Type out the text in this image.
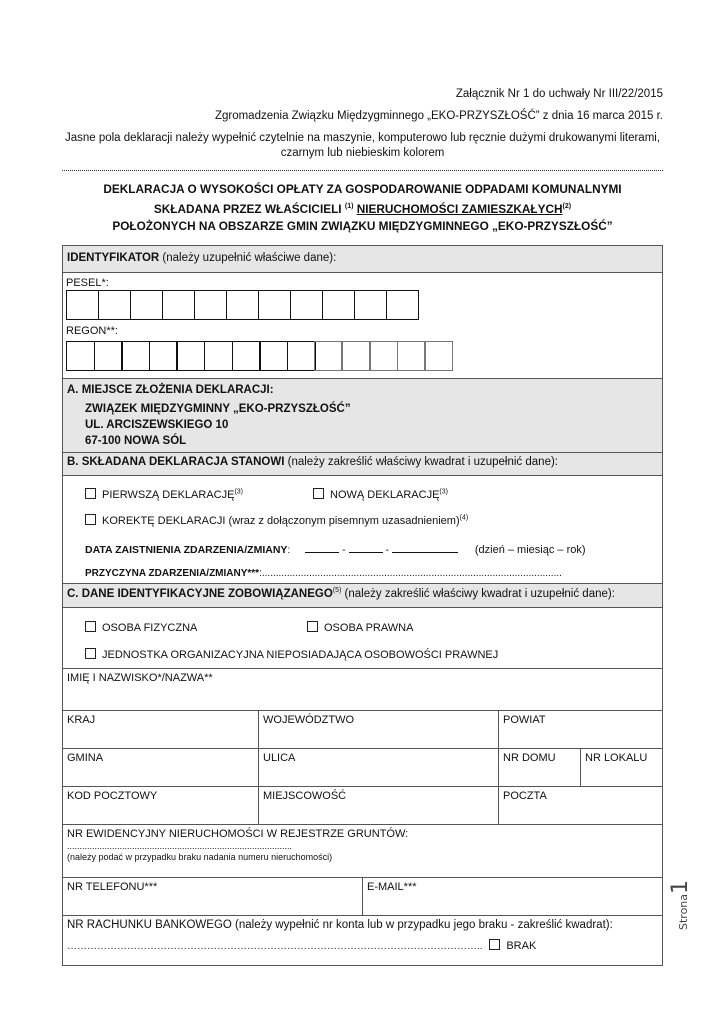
Załącznik Nr 1 do uchwały Nr III/22/2015
Zgromadzenia Związku Międzygminnego „EKO-PRZYSZŁOŚĆ” z dnia 16 marca 2015 r.
Jasne pola deklaracji należy wypełnić czytelnie na maszynie, komputerowo lub ręcznie dużymi drukowanymi literami, czarnym lub niebieskim kolorem
DEKLARACJA O WYSOKOŚCI OPŁATY ZA GOSPODAROWANIE ODPADAMI KOMUNALNYMI
SKŁADANA PRZEZ WŁAŚCICIELI $^{(1)}$ NIERUCHOMOŚCI ZAMIESZKAŁYCH$^{(2)}$
POŁOŻONYCH NA OBSZARZE GMIN ZWIĄZKU MIĘDZYGMINNEGO „EKO-PRZYSZŁOŚĆ”
IDENTYFIKATOR (należy uzupełnić właściwe dane):
PESEL*:
REGON**:
A. MIEJSCE ZŁOŻENIA DEKLARACJI:
ZWIĄZEK MIĘDZYGMINNY „EKO-PRZYSZŁOŚĆ”
UL. ARCISZEWSKIEGO 10
67-100 NOWA SÓL
B. SKŁADANA DEKLARACJA STANOWI (należy zakreślić właściwy kwadrat i uzupełnić dane):
PIERWSZĄ DEKLARACJĘ$^{(3)}$	NOWĄ DEKLARACJĘ$^{(3)}$
KOREKTĘ DEKLARACJI (wraz z dołączonym pisemnym uzasadnieniem)$^{(4)}$
DATA ZAISTNIENIA ZDARZENIA/ZMIANY:	-	-	(dzień – miesiąc – rok)
PRZYCZYNA ZDARZENIA/ZMIANY***:............................................................................................................
C. DANE IDENTYFIKACYJNE ZOBOWIĄZANEGO$^{(5)}$ (należy zakreślić właściwy kwadrat i uzupełnić dane):
OSOBA FIZYCZNA	OSOBA PRAWNA
JEDNOSTKA ORGANIZACYJNA NIEPOSIADAJĄCA OSOBOWOŚCI PRAWNEJ
IMIĘ I NAZWISKO*/NAZWA**
KRAJ	WOJEWÓDZTWO	POWIAT
GMINA	ULICA	NR DOMU	NR LOKALU
KOD POCZTOWY	MIEJSCOWOŚĆ	POCZTA
NR EWIDENCYJNY NIERUCHOMOŚCI W REJESTRZE GRUNTÓW:
..........................................................................................
(należy podać w przypadku braku nadania numeru nieruchomości)
NR TELEFONU***	E-MAIL***
NR RACHUNKU BANKOWEGO (należy wypełnić nr konta lub w przypadku jego braku - zakreślić kwadrat):
…………………………………………………………………………………………………………….. BRAK
Strona1
